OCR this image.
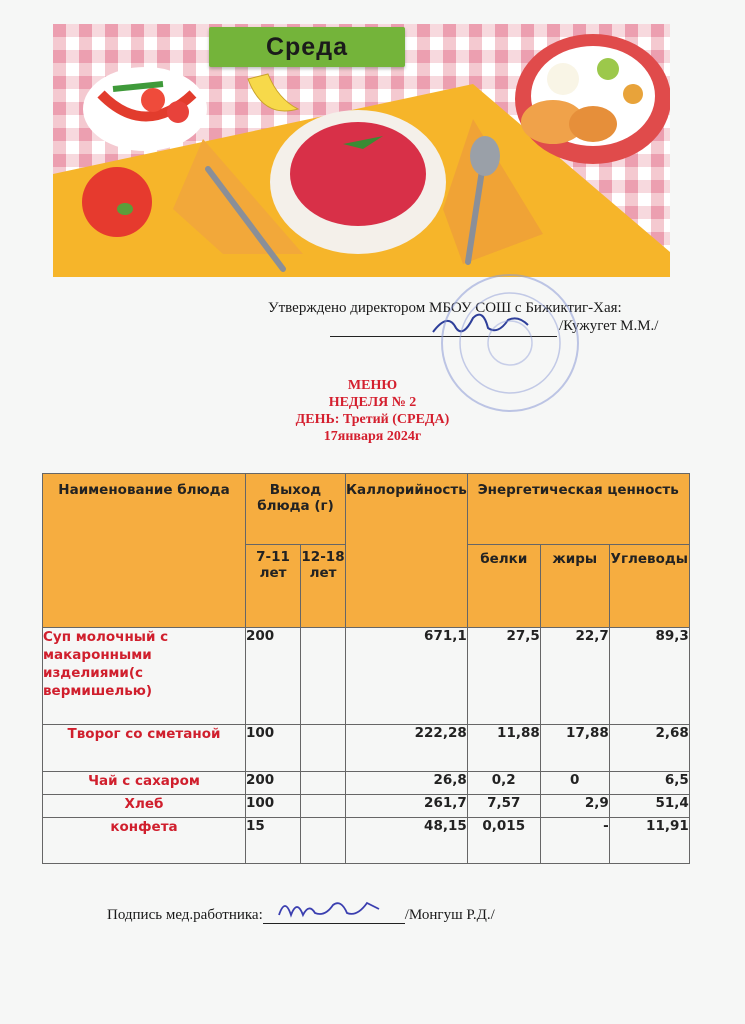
Среда
Утверждено директором МБОУ СОШ с Бижиктиг-Хая:
/Кужугет М.М./
МЕНЮ
НЕДЕЛЯ № 2
ДЕНЬ: Третий (СРЕДА)
17января 2024г
Наименование блюда	Выход блюда (г)		Каллорийность	Энергетическая ценность		
	7-11 лет	12-18 лет		белки	жиры	Углеводы
Суп молочный с макаронными изделиями(с вермишелью)	200		671,1	27,5	22,7	89,3
Творог со сметаной	100		222,28	11,88	17,88	2,68
Чай с сахаром	200		26,8	0,2	0	6,5
Хлеб	100		261,7	7,57	2,9	51,4
конфета	15		48,15	0,015	-	11,91
Подпись мед.работника:	/Монгуш Р.Д./
